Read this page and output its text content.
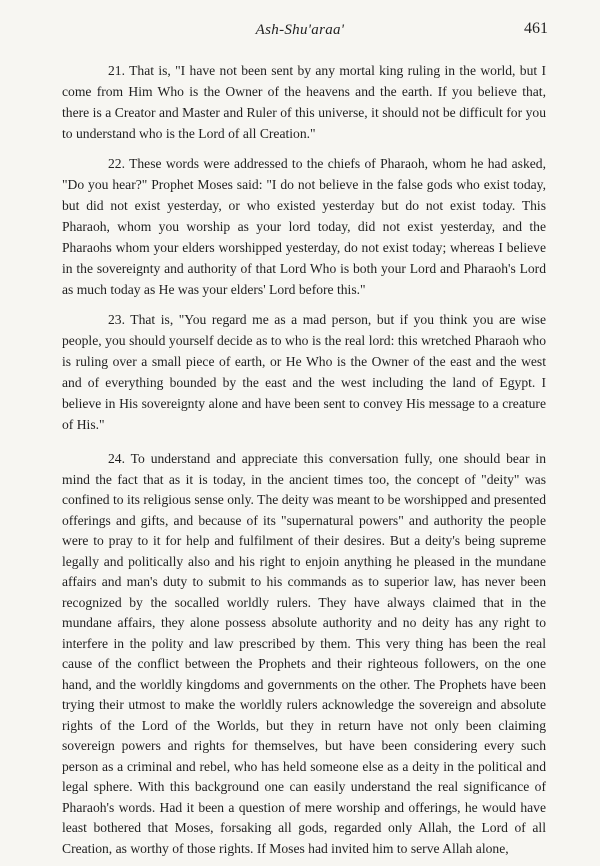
Ash-Shu'araa'	461

21. That is, "I have not been sent by any mortal king ruling in the world, but I come from Him Who is the Owner of the heavens and the earth. If you believe that, there is a Creator and Master and Ruler of this universe, it should not be difficult for you to understand who is the Lord of all Creation."

22. These words were addressed to the chiefs of Pharaoh, whom he had asked, "Do you hear?" Prophet Moses said: "I do not believe in the false gods who exist today, but did not exist yesterday, or who existed yesterday but do not exist today. This Pharaoh, whom you worship as your lord today, did not exist yesterday, and the Pharaohs whom your elders worshipped yesterday, do not exist today; whereas I believe in the sovereignty and authority of that Lord Who is both your Lord and Pharaoh's Lord as much today as He was your elders' Lord before this."

23. That is, "You regard me as a mad person, but if you think you are wise people, you should yourself decide as to who is the real lord: this wretched Pharaoh who is ruling over a small piece of earth, or He Who is the Owner of the east and the west and of everything bounded by the east and the west including the land of Egypt. I believe in His sovereignty alone and have been sent to convey His message to a creature of His."

24. To understand and appreciate this conversation fully, one should bear in mind the fact that as it is today, in the ancient times too, the concept of "deity" was confined to its religious sense only. The deity was meant to be worshipped and presented offerings and gifts, and because of its "supernatural powers" and authority the people were to pray to it for help and fulfilment of their desires. But a deity's being supreme legally and politically also and his right to enjoin anything he pleased in the mundane affairs and man's duty to submit to his commands as to superior law, has never been recognized by the socalled worldly rulers. They have always claimed that in the mundane affairs, they alone possess absolute authority and no deity has any right to interfere in the polity and law prescribed by them. This very thing has been the real cause of the conflict between the Prophets and their righteous followers, on the one hand, and the worldly kingdoms and governments on the other. The Prophets have been trying their utmost to make the worldly rulers acknowledge the sovereign and absolute rights of the Lord of the Worlds, but they in return have not only been claiming sovereign powers and rights for themselves, but have been considering every such person as a criminal and rebel, who has held someone else as a deity in the political and legal sphere. With this background one can easily understand the real significance of Pharaoh's words. Had it been a question of mere worship and offerings, he would have least bothered that Moses, forsaking all gods, regarded only Allah, the Lord of all Creation, as worthy of those rights. If Moses had invited him to serve Allah alone,
